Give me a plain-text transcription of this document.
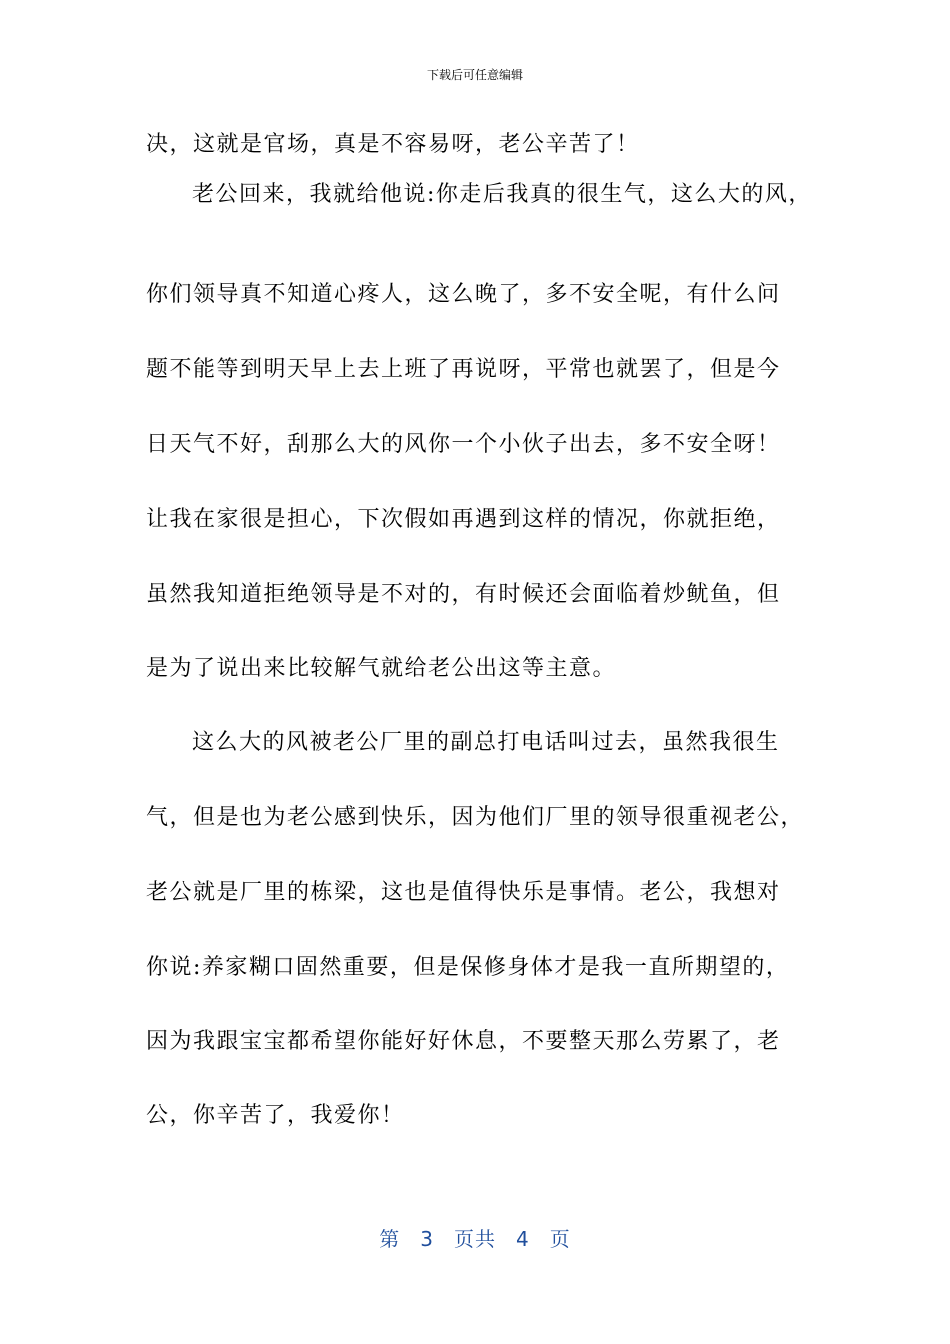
下载后可任意编辑
决，这就是官场，真是不容易呀，老公辛苦了！
老公回来，我就给他说:你走后我真的很生气，这么大的风，
你们领导真不知道心疼人，这么晚了，多不安全呢，有什么问
题不能等到明天早上去上班了再说呀，平常也就罢了，但是今
日天气不好，刮那么大的风你一个小伙子出去，多不安全呀！
让我在家很是担心，下次假如再遇到这样的情况，你就拒绝，
虽然我知道拒绝领导是不对的，有时候还会面临着炒鱿鱼，但
是为了说出来比较解气就给老公出这等主意。
这么大的风被老公厂里的副总打电话叫过去，虽然我很生
气，但是也为老公感到快乐，因为他们厂里的领导很重视老公，
老公就是厂里的栋梁，这也是值得快乐是事情。老公，我想对
你说:养家糊口固然重要，但是保修身体才是我一直所期望的，
因为我跟宝宝都希望你能好好休息，不要整天那么劳累了，老
公，你辛苦了，我爱你！
第 3 页共 4 页
